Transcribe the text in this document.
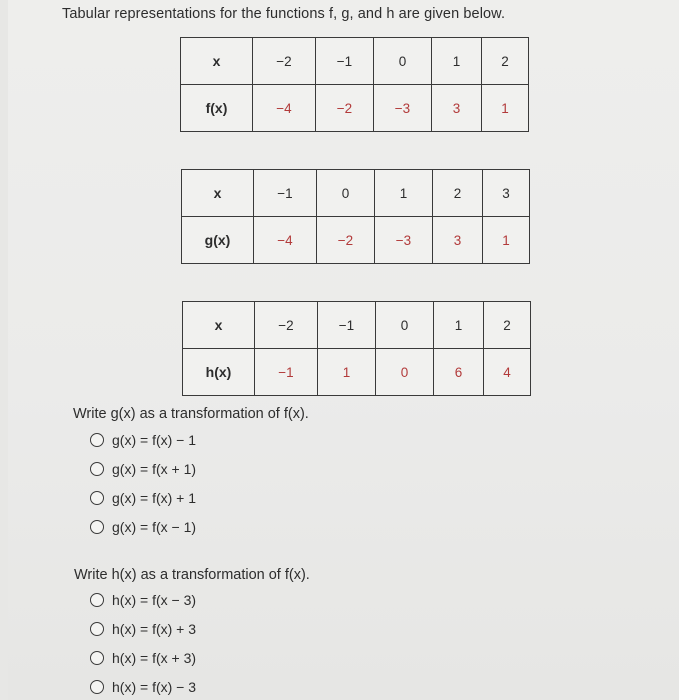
Tabular representations for the functions f, g, and h are given below.
x	−2	−1	0	1	2
f(x)	−4	−2	−3	3	1
x	−1	0	1	2	3
g(x)	−4	−2	−3	3	1
x	−2	−1	0	1	2
h(x)	−1	1	0	6	4
Write g(x) as a transformation of f(x).
g(x) = f(x) − 1
g(x) = f(x + 1)
g(x) = f(x) + 1
g(x) = f(x − 1)
Write h(x) as a transformation of f(x).
h(x) = f(x − 3)
h(x) = f(x) + 3
h(x) = f(x + 3)
h(x) = f(x) − 3
